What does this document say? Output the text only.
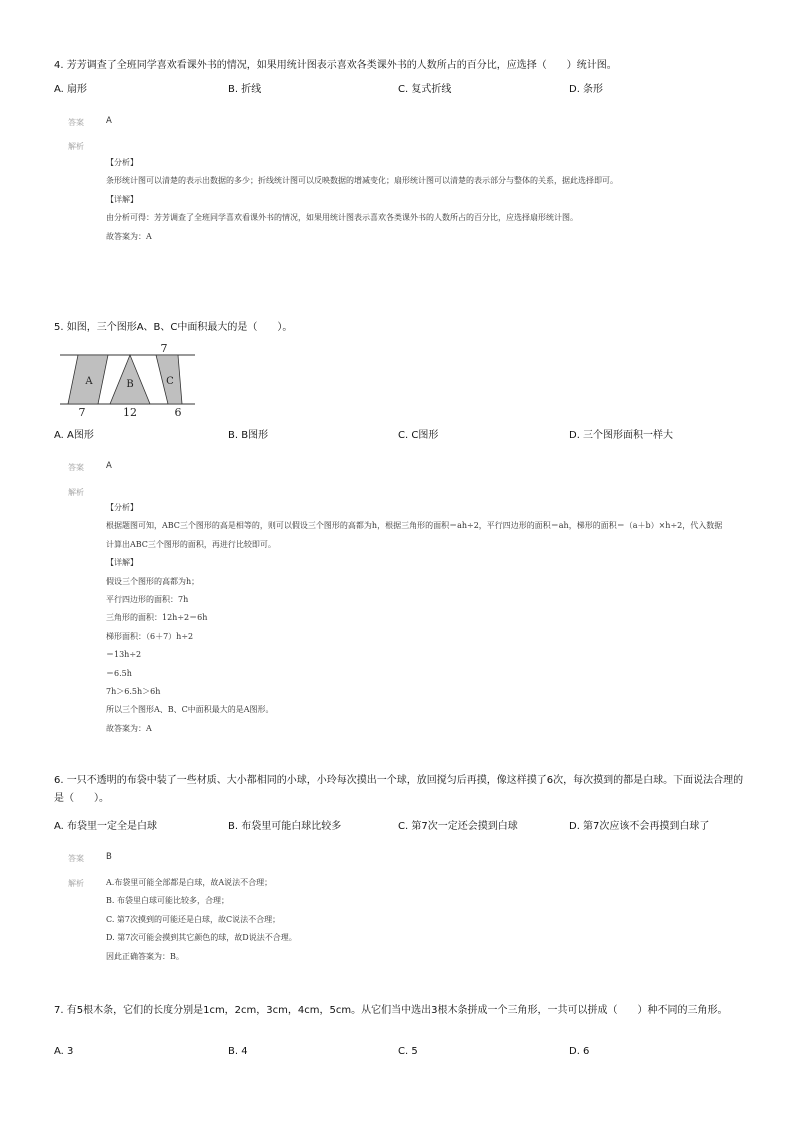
4. 芳芳调查了全班同学喜欢看课外书的情况，如果用统计图表示喜欢各类课外书的人数所占的百分比，应选择（　　）统计图。
A. 扇形	B. 折线	C. 复式折线	D. 条形
答案	A
解析
【分析】
条形统计图可以清楚的表示出数据的多少；折线统计图可以反映数据的增减变化；扇形统计图可以清楚的表示部分与整体的关系，据此选择即可。
【详解】
由分析可得：芳芳调查了全班同学喜欢看课外书的情况，如果用统计图表示喜欢各类课外书的人数所占的百分比，应选择扇形统计图。
故答案为：A
5. 如图，三个图形A、B、C中面积最大的是（　　）。
A	B	C
7
7	12	6
A. A图形	B. B图形	C. C图形	D. 三个图形面积一样大
答案	A
解析
【分析】
根据题图可知，ABC三个图形的高是相等的，则可以假设三个图形的高都为h，根据三角形的面积＝ah÷2，平行四边形的面积＝ah，梯形的面积＝（a＋b）×h÷2，代入数据计算出ABC三个图形的面积，再进行比较即可。
【详解】
假设三个图形的高都为h；
平行四边形的面积：7h
三角形的面积：12h÷2＝6h
梯形面积：（6＋7）h÷2
＝13h÷2
＝6.5h
7h＞6.5h＞6h
所以三个图形A、B、C中面积最大的是A图形。
故答案为：A
6. 一只不透明的布袋中装了一些材质、大小都相同的小球，小玲每次摸出一个球，放回搅匀后再摸，像这样摸了6次，每次摸到的都是白球。下面说法合理的是（　　）。
A. 布袋里一定全是白球	B. 布袋里可能白球比较多	C. 第7次一定还会摸到白球	D. 第7次应该不会再摸到白球了
答案	B
解析	A.布袋里可能全部都是白球，故A说法不合理；
B. 布袋里白球可能比较多，合理；
C. 第7次摸到的可能还是白球，故C说法不合理；
D. 第7次可能会摸到其它颜色的球，故D说法不合理。
因此正确答案为：B。
7. 有5根木条，它们的长度分别是1cm，2cm，3cm，4cm，5cm。从它们当中选出3根木条拼成一个三角形，一共可以拼成（　　）种不同的三角形。
A. 3	B. 4	C. 5	D. 6
